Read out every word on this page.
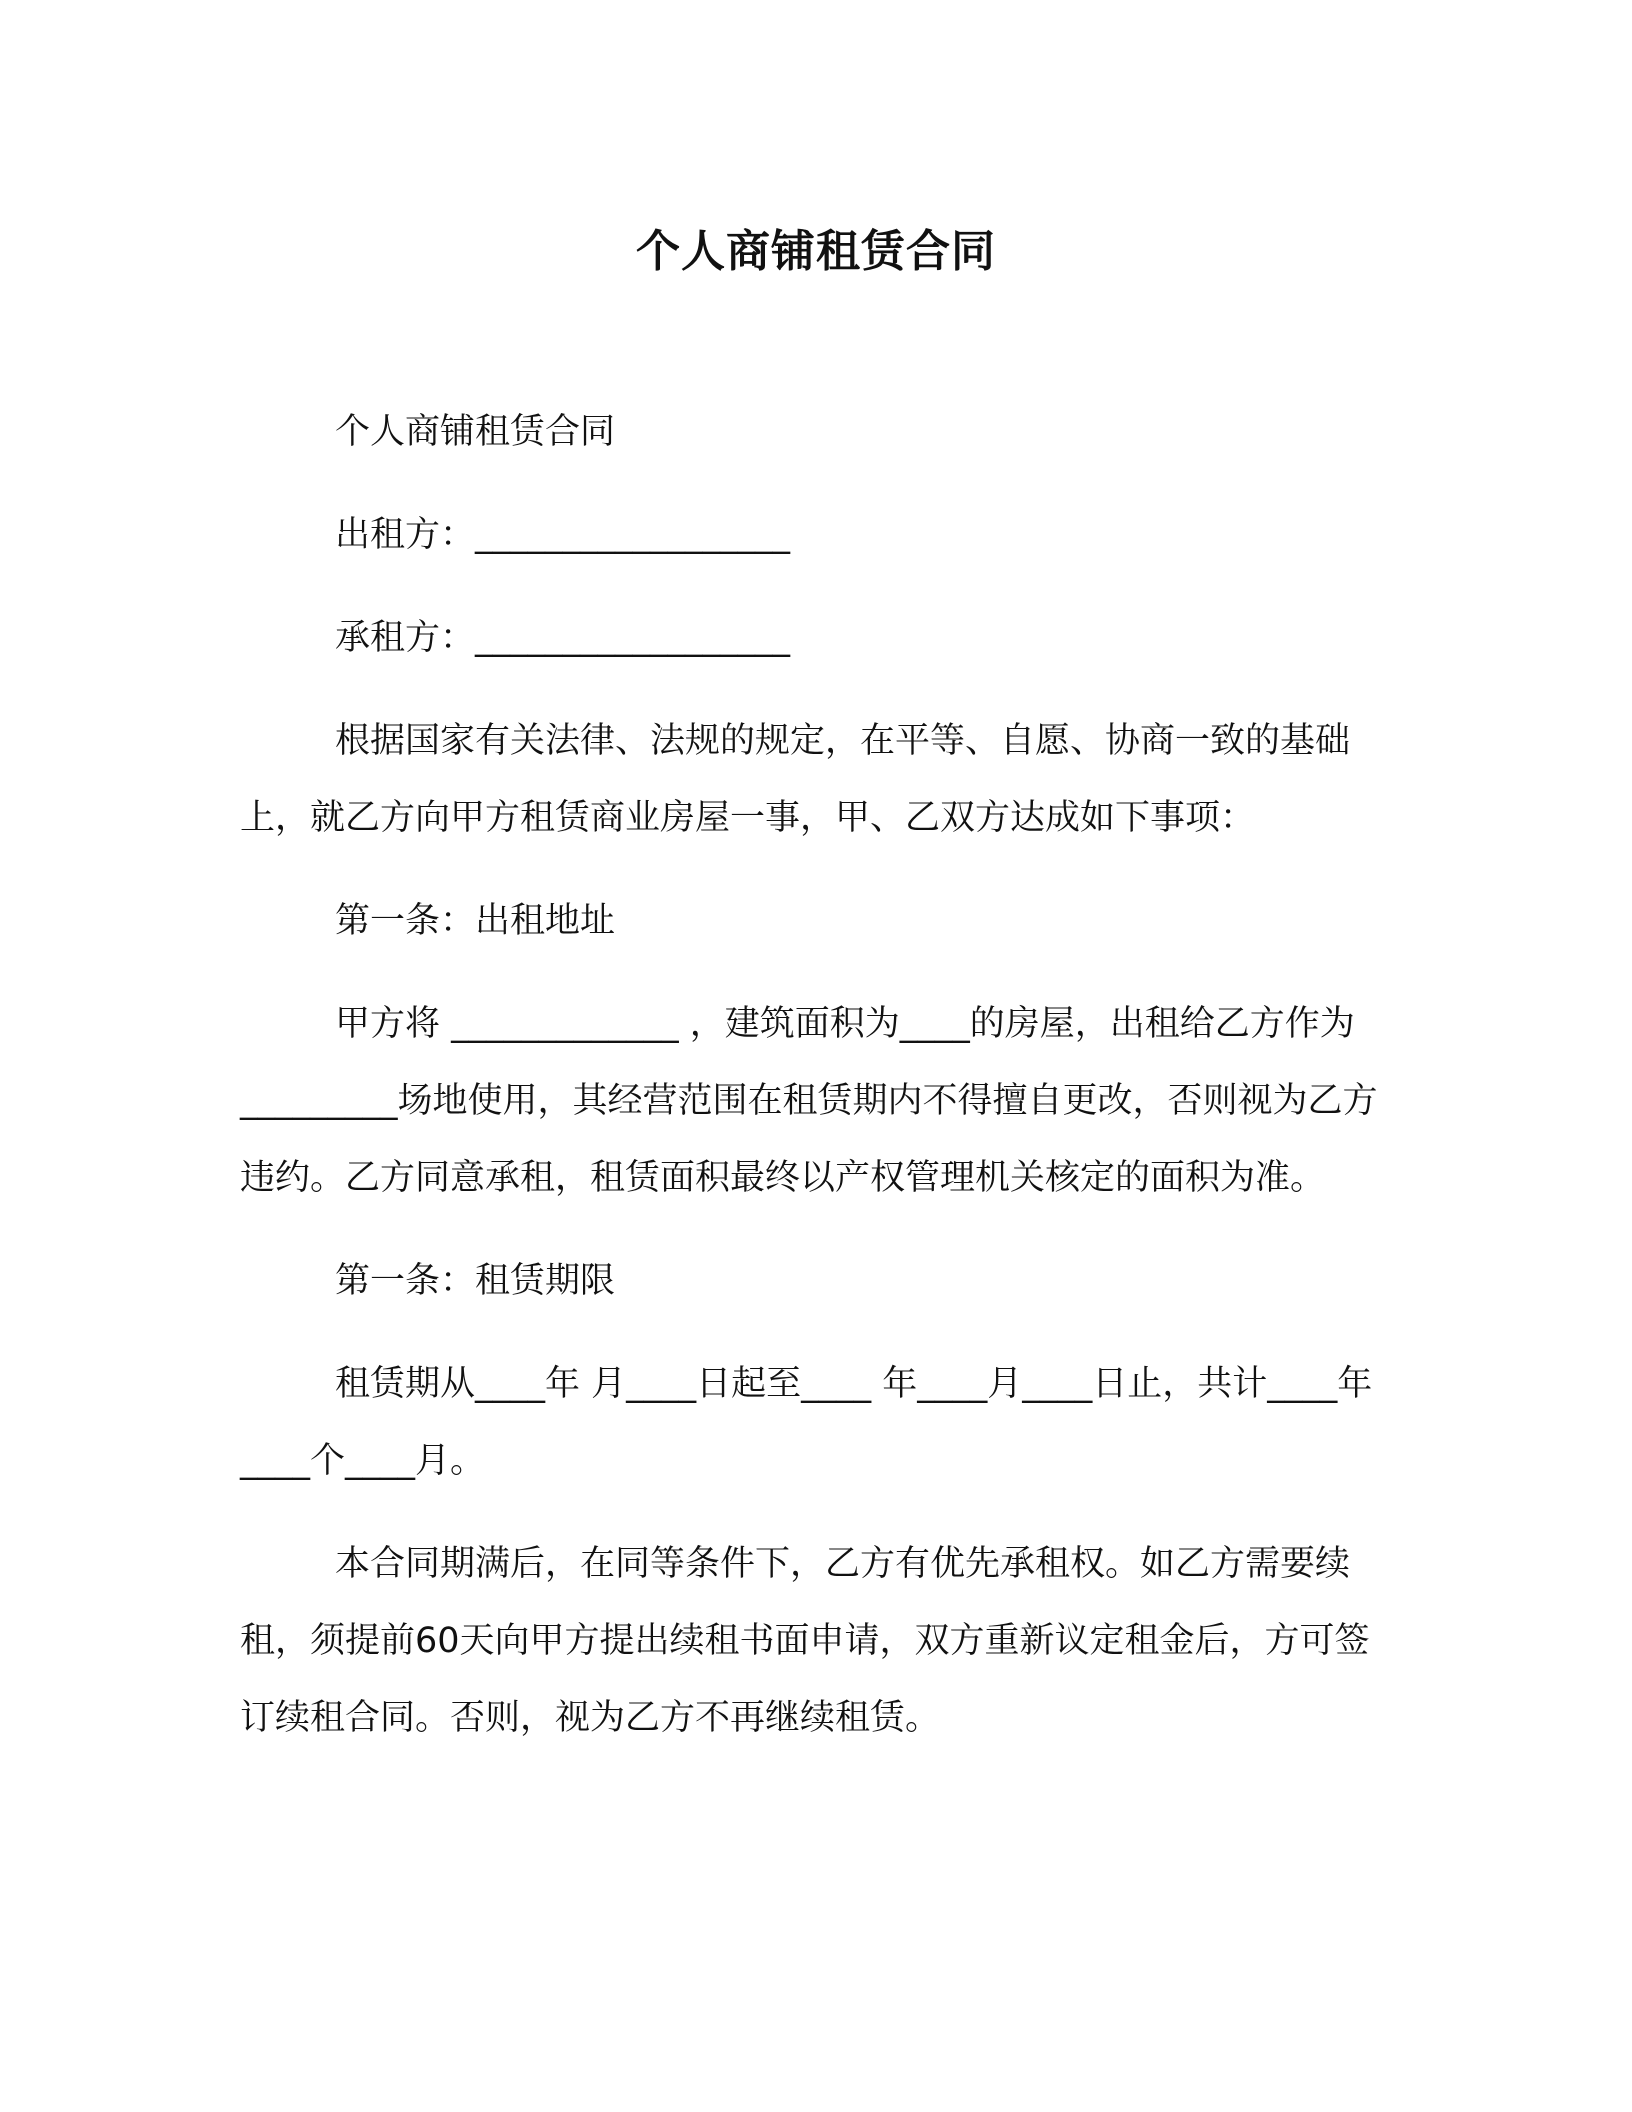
个人商铺租赁合同

个人商铺租赁合同

出租方：__________________

承租方：__________________

根据国家有关法律、法规的规定，在平等、自愿、协商一致的基础上，就乙方向甲方租赁商业房屋一事，甲、乙双方达成如下事项：

第一条：出租地址

甲方将 _____________ ，建筑面积为____的房屋，出租给乙方作为_________场地使用，其经营范围在租赁期内不得擅自更改，否则视为乙方违约。乙方同意承租，租赁面积最终以产权管理机关核定的面积为准。

第一条：租赁期限

租赁期从____年 月____日起至____ 年____月____日止，共计____年____个____月。

本合同期满后，在同等条件下，乙方有优先承租权。如乙方需要续租，须提前60天向甲方提出续租书面申请，双方重新议定租金后，方可签订续租合同。否则，视为乙方不再继续租赁。
